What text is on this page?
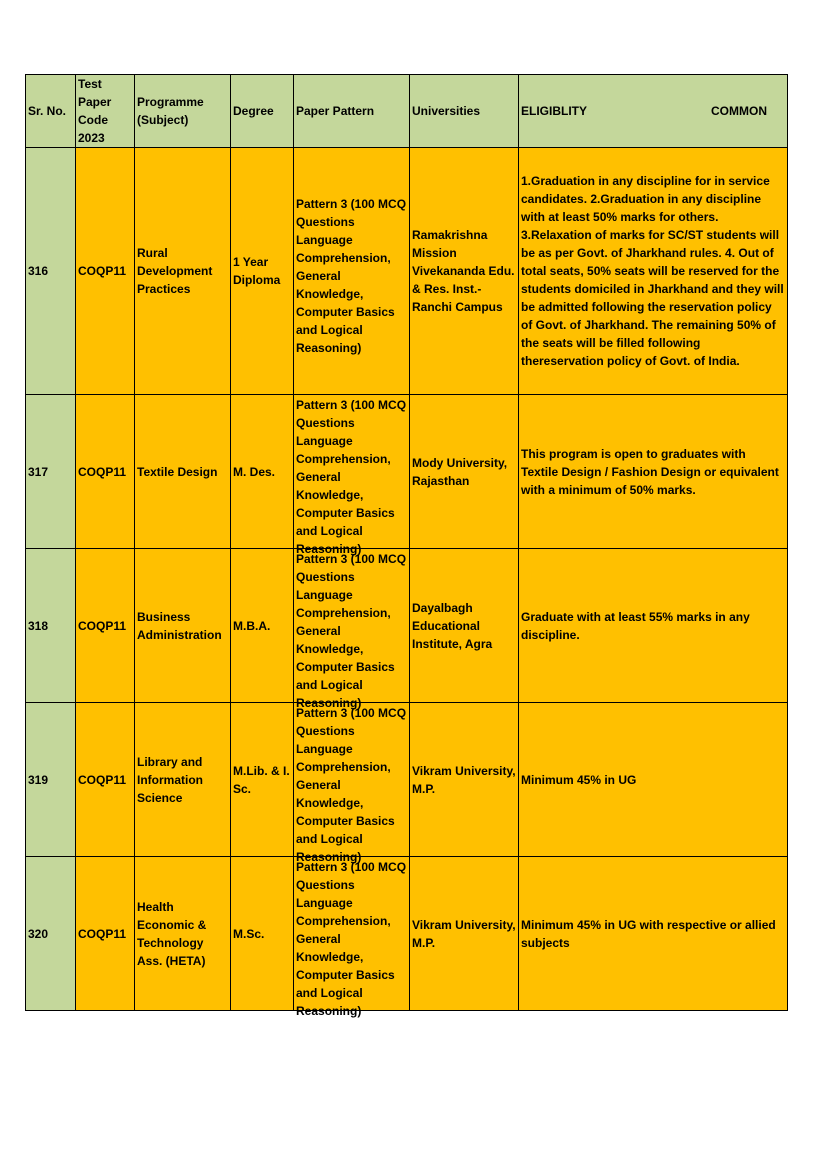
Sr. No.	Test Paper Code 2023	Programme (Subject)	Degree	Paper Pattern	Universities	ELIGIBLITY COMMON

316	COQP11	Rural Development Practices	1 Year Diploma	Pattern 3 (100 MCQ Questions Language Comprehension, General Knowledge, Computer Basics and Logical Reasoning)	Ramakrishna Mission Vivekananda Edu. & Res. Inst.- Ranchi Campus	1.Graduation in any discipline for in service candidates. 2.Graduation in any discipline with at least 50% marks for others. 3.Relaxation of marks for SC/ST students will be as per Govt. of Jharkhand rules. 4. Out of total seats, 50% seats will be reserved for the students domiciled in Jharkhand and they will be admitted following the reservation policy of Govt. of Jharkhand. The remaining 50% of the seats will be filled following thereservation policy of Govt. of India.
317	COQP11	Textile Design	M. Des.	Pattern 3 (100 MCQ Questions Language Comprehension, General Knowledge, Computer Basics and Logical Reasoning)	Mody University, Rajasthan	This program is open to graduates with Textile Design / Fashion Design or equivalent with a minimum of 50% marks.
318	COQP11	Business Administration	M.B.A.	Pattern 3 (100 MCQ Questions Language Comprehension, General Knowledge, Computer Basics and Logical Reasoning)	Dayalbagh Educational Institute, Agra	Graduate with at least 55% marks in any discipline.
319	COQP11	Library and Information Science	M.Lib. & I. Sc.	Pattern 3 (100 MCQ Questions Language Comprehension, General Knowledge, Computer Basics and Logical Reasoning)	Vikram University, M.P.	Minimum 45% in UG
320	COQP11	Health Economic & Technology Ass. (HETA)	M.Sc.	Pattern 3 (100 MCQ Questions Language Comprehension, General Knowledge, Computer Basics and Logical Reasoning)	Vikram University, M.P.	Minimum 45% in UG with respective or allied subjects
